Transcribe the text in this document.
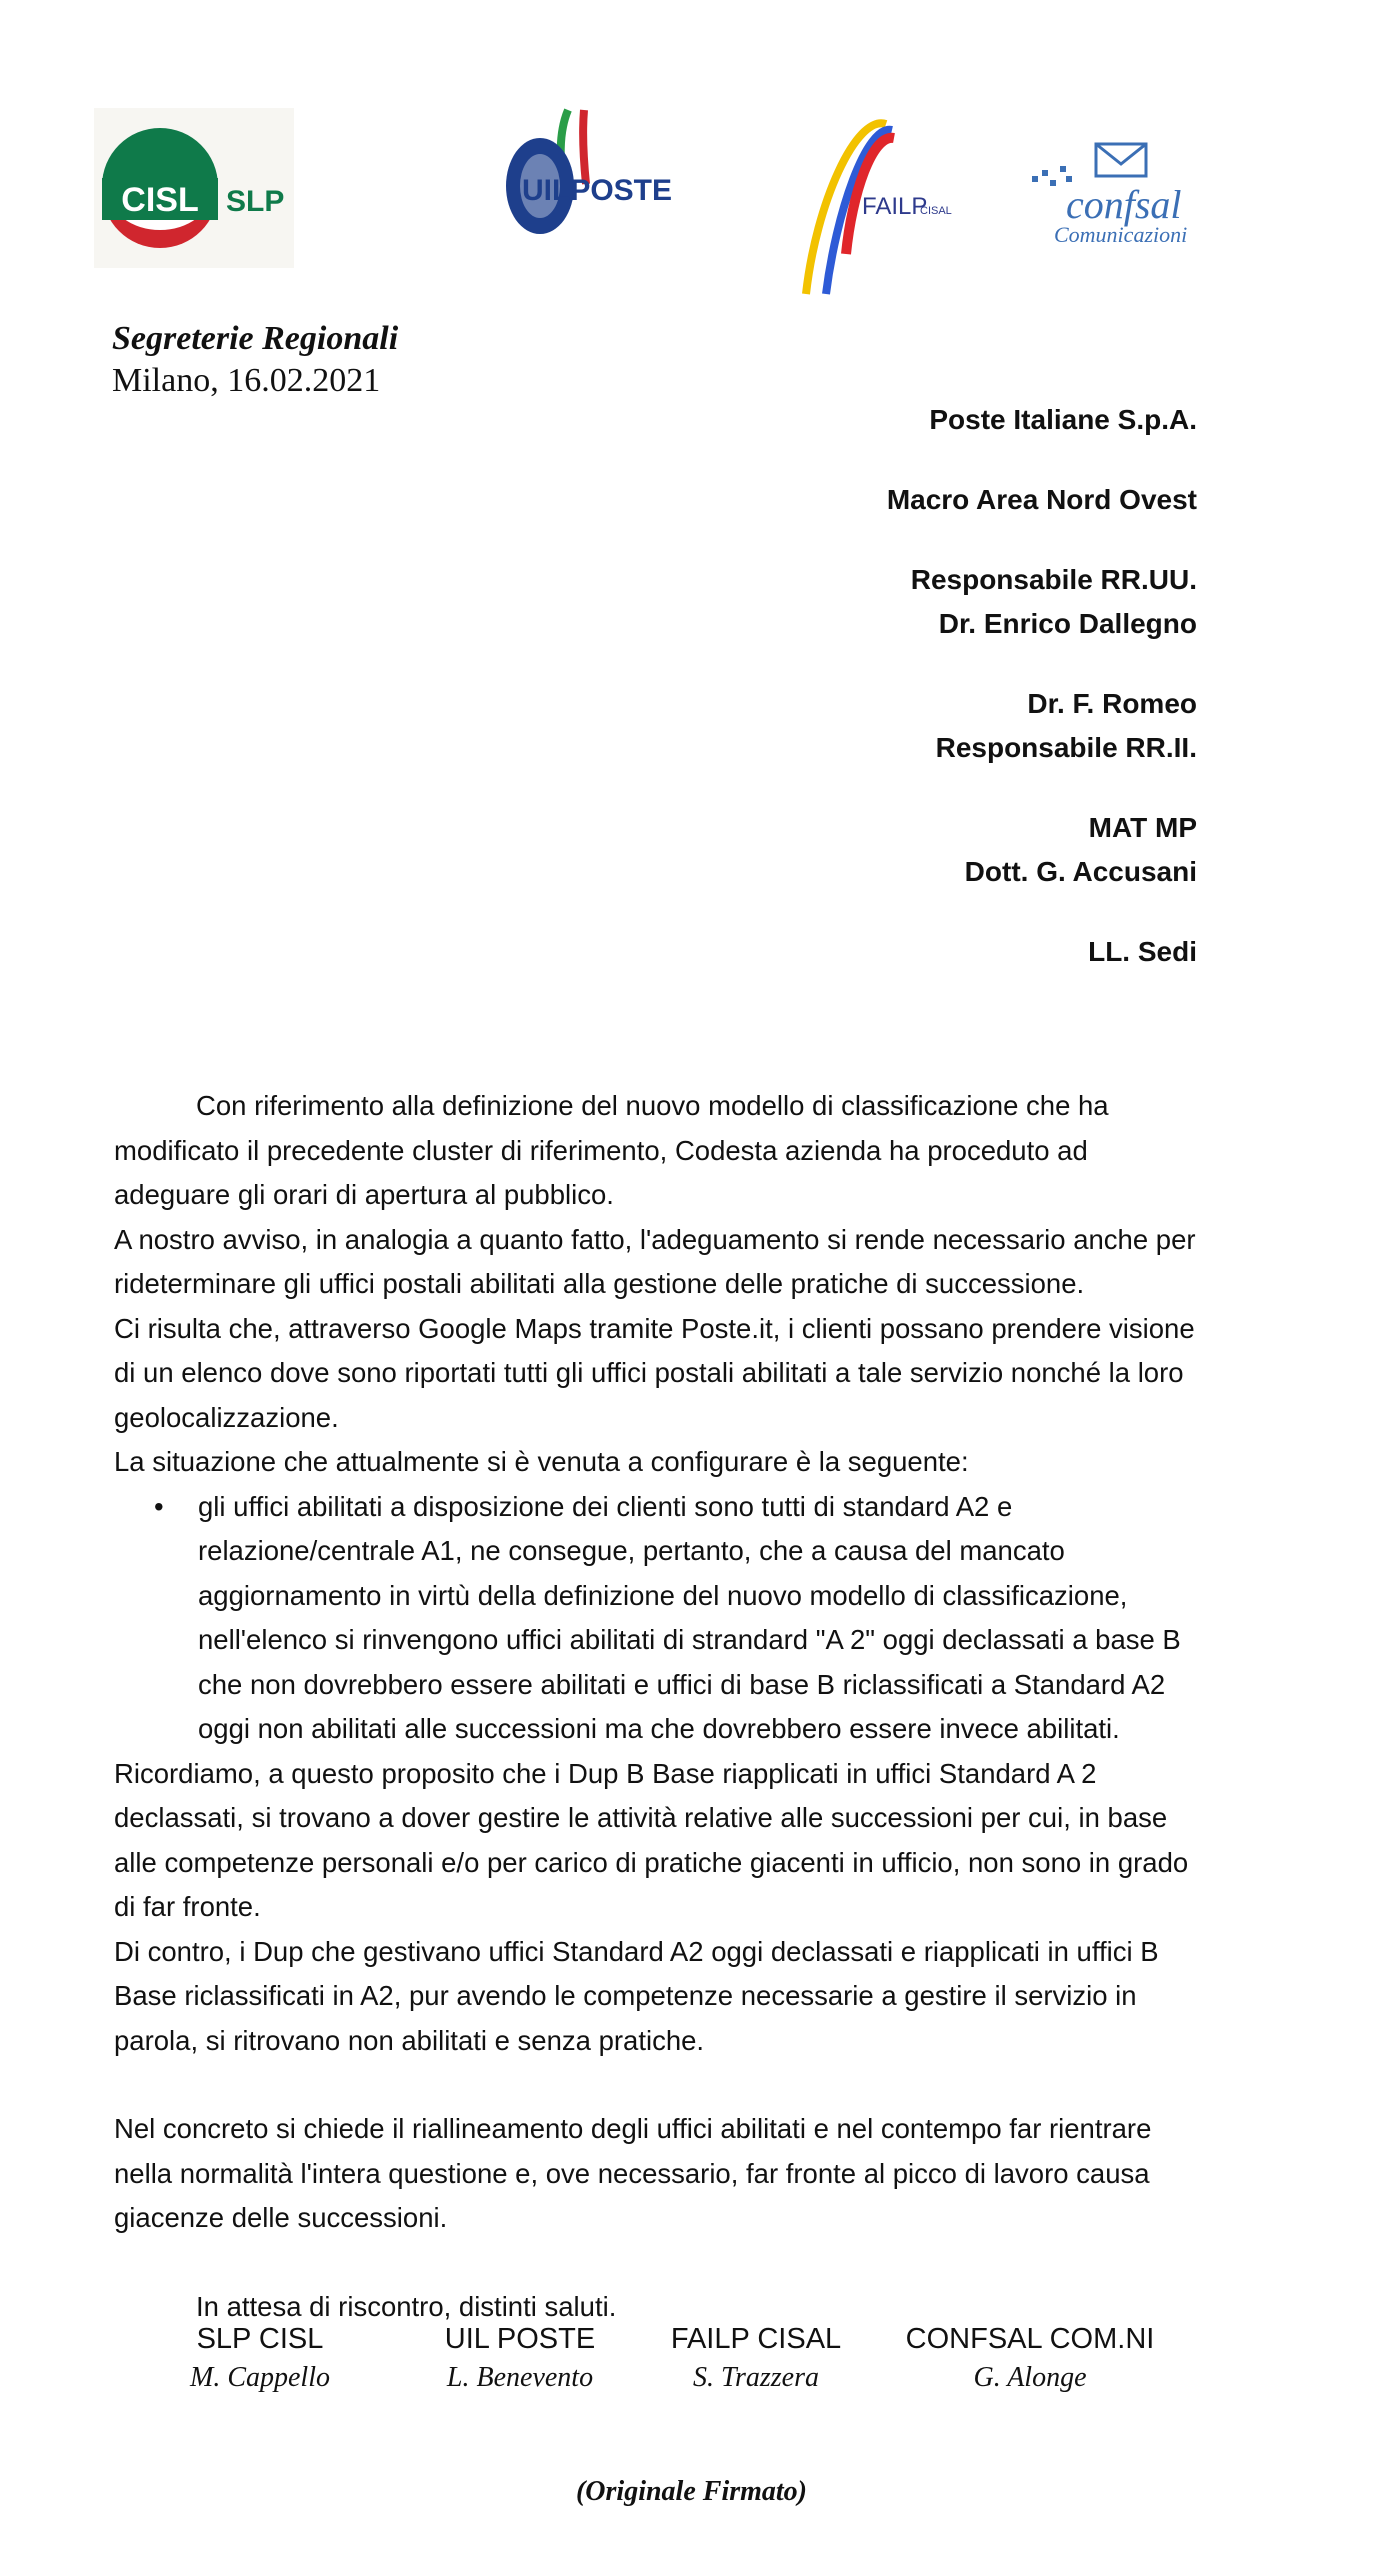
CISL SLP	UILPOSTE	FAILP
CISAL	confsal
Comunicazioni
Segreterie Regionali
Milano, 16.02.2021
Poste Italiane S.p.A.
Macro Area Nord Ovest
Responsabile RR.UU.
Dr. Enrico Dallegno
Dr. F. Romeo
Responsabile RR.II.
MAT MP
Dott. G. Accusani
LL. Sedi

Con riferimento alla definizione del nuovo modello di classificazione che ha modificato il precedente cluster di riferimento, Codesta azienda ha proceduto ad adeguare gli orari di apertura al pubblico.

A nostro avviso, in analogia a quanto fatto, l'adeguamento si rende necessario anche per rideterminare gli uffici postali abilitati alla gestione delle pratiche di successione.

Ci risulta che, attraverso Google Maps tramite Poste.it, i clienti possano prendere visione di un elenco dove sono riportati tutti gli uffici postali abilitati a tale servizio nonché la loro geolocalizzazione.

La situazione che attualmente si è venuta a configurare è la seguente:

• gli uffici abilitati a disposizione dei clienti sono tutti di standard A2 e relazione/centrale A1, ne consegue, pertanto, che a causa del mancato aggiornamento in virtù della definizione del nuovo modello di classificazione, nell'elenco si rinvengono uffici abilitati di strandard "A 2" oggi declassati a base B che non dovrebbero essere abilitati e uffici di base B riclassificati a Standard A2 oggi non abilitati alle successioni ma che dovrebbero essere invece abilitati.

Ricordiamo, a questo proposito che i Dup B Base riapplicati in uffici Standard A 2 declassati, si trovano a dover gestire le attività relative alle successioni per cui, in base alle competenze personali e/o per carico di pratiche giacenti in ufficio, non sono in grado di far fronte.

Di contro, i Dup che gestivano uffici Standard A2 oggi declassati e riapplicati in uffici B Base riclassificati in A2, pur avendo le competenze necessarie a gestire il servizio in parola, si ritrovano non abilitati e senza pratiche.

Nel concreto si chiede il riallineamento degli uffici abilitati e nel contempo far rientrare nella normalità l'intera questione e, ove necessario, far fronte al picco di lavoro causa giacenze delle successioni.

In attesa di riscontro, distinti saluti.

SLP CISL
M. Cappello
UIL POSTE
L. Benevento
FAILP CISAL
S. Trazzera
CONFSAL COM.NI
G. Alonge
(Originale Firmato)
